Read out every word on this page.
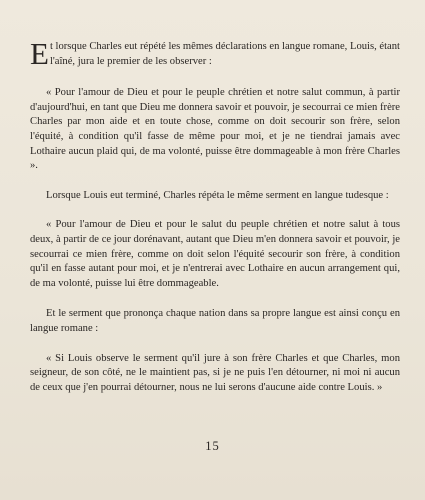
Et lorsque Charles eut répété les mêmes déclarations en langue romane, Louis, étant l'aîné, jura le premier de les observer :

« Pour l'amour de Dieu et pour le peuple chrétien et notre salut commun, à partir d'aujourd'hui, en tant que Dieu me donnera savoir et pouvoir, je secourrai ce mien frère Charles par mon aide et en toute chose, comme on doit secourir son frère, selon l'équité, à condition qu'il fasse de même pour moi, et je ne tiendrai jamais avec Lothaire aucun plaid qui, de ma volonté, puisse être dommageable à mon frère Charles ».

Lorsque Louis eut terminé, Charles répéta le même serment en langue tudesque :

« Pour l'amour de Dieu et pour le salut du peuple chrétien et notre salut à tous deux, à partir de ce jour dorénavant, autant que Dieu m'en donnera savoir et pouvoir, je secourrai ce mien frère, comme on doit selon l'équité secourir son frère, à condition qu'il en fasse autant pour moi, et je n'entrerai avec Lothaire en aucun arrangement qui, de ma volonté, puisse lui être dommageable.

Et le serment que prononça chaque nation dans sa propre langue est ainsi conçu en langue romane :

« Si Louis observe le serment qu'il jure à son frère Charles et que Charles, mon seigneur, de son côté, ne le maintient pas, si je ne puis l'en détourner, ni moi ni aucun de ceux que j'en pourrai détourner, nous ne lui serons d'aucune aide contre Louis. »

15
